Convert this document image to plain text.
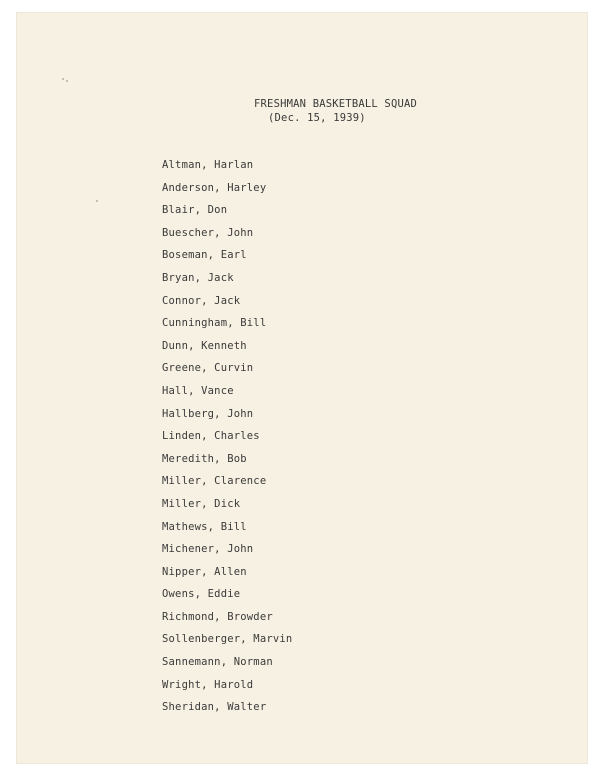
FRESHMAN BASKETBALL SQUAD
(Dec. 15, 1939)
Altman, Harlan
Anderson, Harley
Blair, Don
Buescher, John
Boseman, Earl
Bryan, Jack
Connor, Jack
Cunningham, Bill
Dunn, Kenneth
Greene, Curvin
Hall, Vance
Hallberg, John
Linden, Charles
Meredith, Bob
Miller, Clarence
Miller, Dick
Mathews, Bill
Michener, John
Nipper, Allen
Owens, Eddie
Richmond, Browder
Sollenberger, Marvin
Sannemann, Norman
Wright, Harold
Sheridan, Walter
